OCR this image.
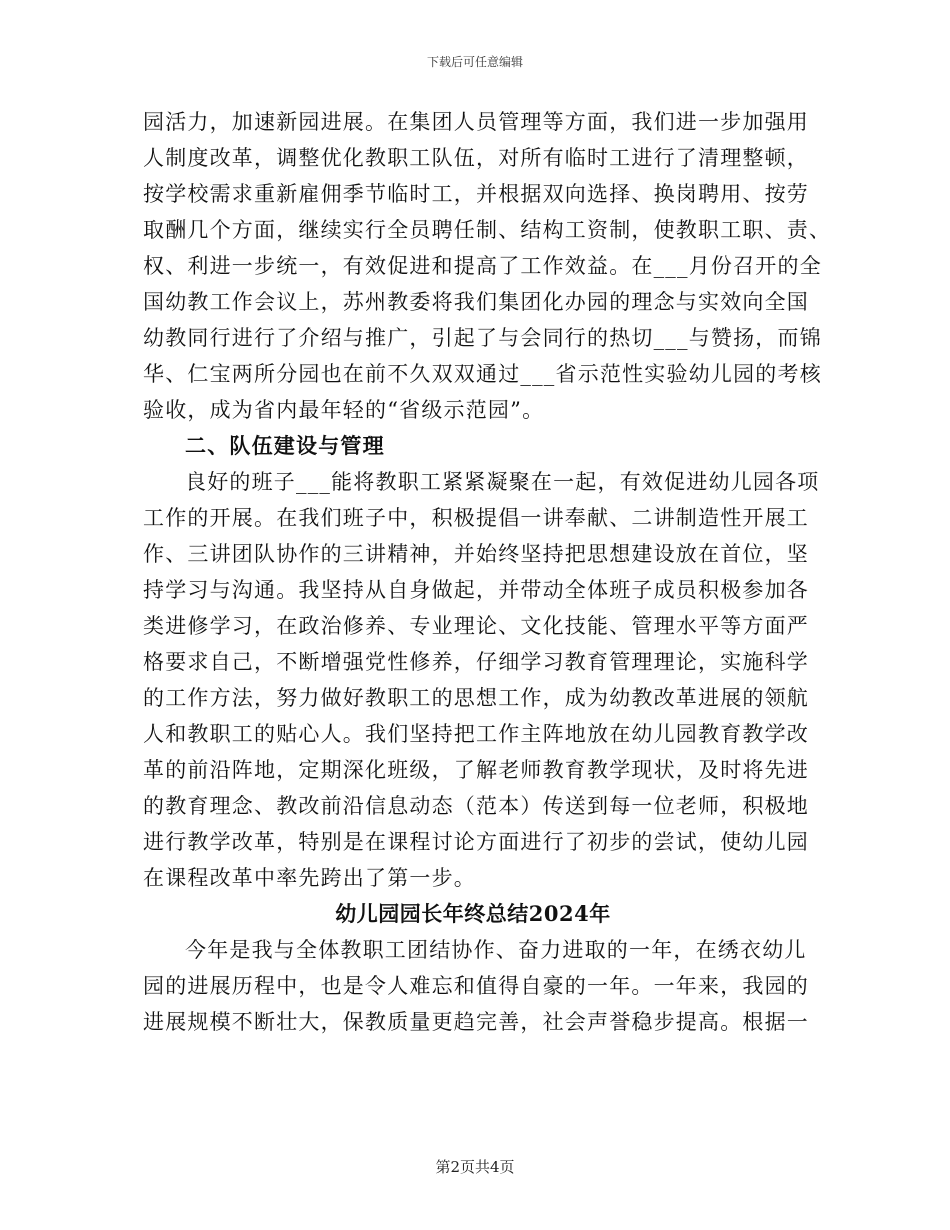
下载后可任意编辑
园活力，加速新园进展。在集团人员管理等方面，我们进一步加强用
人制度改革，调整优化教职工队伍，对所有临时工进行了清理整顿，
按学校需求重新雇佣季节临时工，并根据双向选择、换岗聘用、按劳
取酬几个方面，继续实行全员聘任制、结构工资制，使教职工职、责、
权、利进一步统一，有效促进和提高了工作效益。在___月份召开的全
国幼教工作会议上，苏州教委将我们集团化办园的理念与实效向全国
幼教同行进行了介绍与推广，引起了与会同行的热切___与赞扬，而锦
华、仁宝两所分园也在前不久双双通过___省示范性实验幼儿园的考核
验收，成为省内最年轻的“省级示范园”。
二、队伍建设与管理
良好的班子___能将教职工紧紧凝聚在一起，有效促进幼儿园各项
工作的开展。在我们班子中，积极提倡一讲奉献、二讲制造性开展工
作、三讲团队协作的三讲精神，并始终坚持把思想建设放在首位，坚
持学习与沟通。我坚持从自身做起，并带动全体班子成员积极参加各
类进修学习，在政治修养、专业理论、文化技能、管理水平等方面严
格要求自己，不断增强党性修养，仔细学习教育管理理论，实施科学
的工作方法，努力做好教职工的思想工作，成为幼教改革进展的领航
人和教职工的贴心人。我们坚持把工作主阵地放在幼儿园教育教学改
革的前沿阵地，定期深化班级，了解老师教育教学现状，及时将先进
的教育理念、教改前沿信息动态（范本）传送到每一位老师，积极地
进行教学改革，特别是在课程讨论方面进行了初步的尝试，使幼儿园
在课程改革中率先跨出了第一步。
幼儿园园长年终总结2024年
今年是我与全体教职工团结协作、奋力进取的一年，在绣衣幼儿
园的进展历程中，也是令人难忘和值得自豪的一年。一年来，我园的
进展规模不断壮大，保教质量更趋完善，社会声誉稳步提高。根据一
第2页共4页
